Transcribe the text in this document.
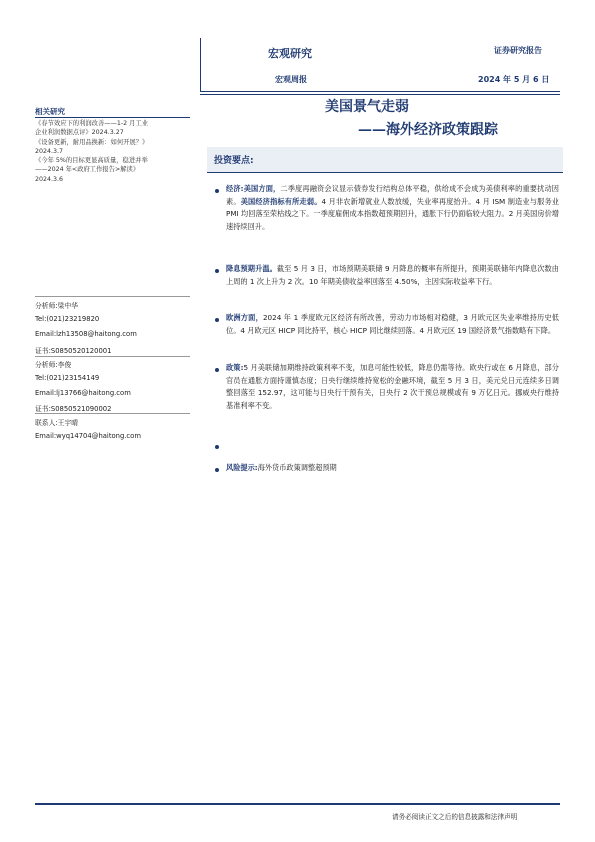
宏观研究	证券研究报告
宏观周报	2024 年 5 月 6 日
美国景气走弱
——海外经济政策跟踪
相关研究
《春节效应下的利润改善——1-2 月工业
企业利润数据点评》2024.3.27
《设备更新，耐用品换新：如何开展？》
2024.3.7
《今年 5%的目标更显高质量，稳进并举
——2024 年<政府工作报告>解读》
2024.3.6
分析师:梁中华
Tel:(021)23219820
Email:lzh13508@haitong.com
证书:S0850520120001
分析师:李俊
Tel:(021)23154149
Email:lj13766@haitong.com
证书:S0850521090002
联系人:王宇晴
Email:wyq14704@haitong.com
投资要点:
经济:美国方面，二季度再融资会议显示债券发行结构总体平稳，供给成不会成为美债利率的重要扰动因素。美国经济指标有所走弱。4 月非农新增就业人数放缓，失业率再度抬升。4 月 ISM 制造业与服务业 PMI 均回落至荣枯线之下。一季度雇佣成本指数超预期回升，通胀下行仍面临较大阻力。2 月美国房价增速持续回升。
降息预期升温。截至 5 月 3 日，市场预期美联储 9 月降息的概率有所提升，预期美联储年内降息次数由上周的 1 次上升为 2 次。10 年期美债收益率回落至 4.50%，主因实际收益率下行。
欧洲方面，2024 年 1 季度欧元区经济有所改善，劳动力市场相对稳健，3 月欧元区失业率维持历史低位。4 月欧元区 HICP 同比持平，核心 HICP 同比继续回落。4 月欧元区 19 国经济景气指数略有下降。
政策:5 月美联储加期维持政策利率不变，加息可能性较低，降息仍需等待。欧央行或在 6 月降息，部分官员在通胀方面持谨慎态度；日央行继续维持宽松的金融环境，截至 5 月 3 日，美元兑日元连续多日调整回落至 152.97，这可能与日央行干预有关，日央行 2 次干预总规模或有 9 万亿日元。挪威央行维持基准利率不变。
风险提示:海外货币政策调整超预期
请务必阅读正文之后的信息披露和法律声明
